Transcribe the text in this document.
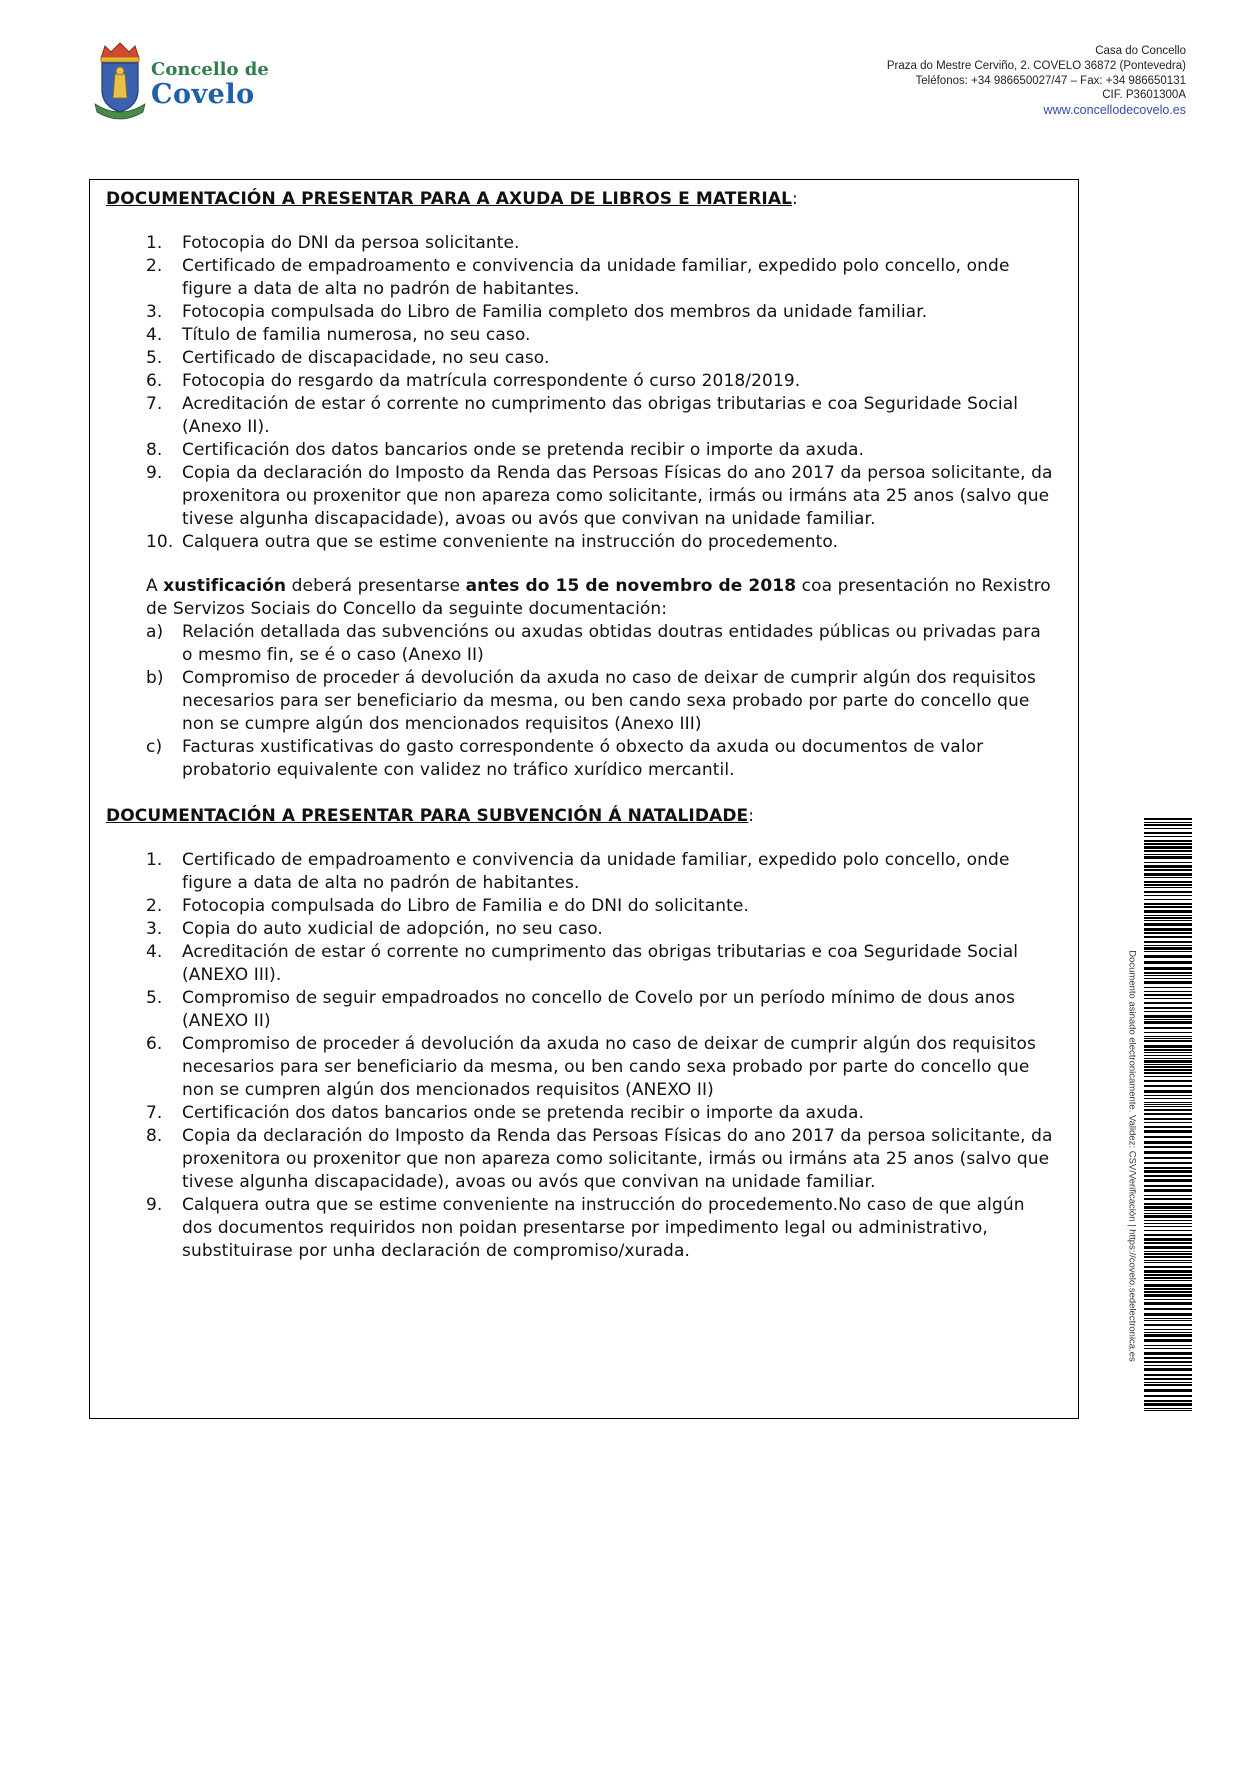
Concello de
Covelo
Casa do Concello
Praza do Mestre Cerviño, 2. COVELO 36872 (Pontevedra)
Teléfonos: +34 986650027/47 – Fax: +34 986650131
CIF. P3601300A
www.concellodecovelo.es

DOCUMENTACIÓN A PRESENTAR PARA A AXUDA DE LIBROS E MATERIAL:

1.	Fotocopia do DNI da persoa solicitante.
2.	Certificado de empadroamento e convivencia da unidade familiar, expedido polo concello, onde figure a data de alta no padrón de habitantes.
3.	Fotocopia compulsada do Libro de Familia completo dos membros da unidade familiar.
4.	Título de familia numerosa, no seu caso.
5.	Certificado de discapacidade, no seu caso.
6.	Fotocopia do resgardo da matrícula correspondente ó curso 2018/2019.
7.	Acreditación de estar ó corrente no cumprimento das obrigas tributarias e coa Seguridade Social (Anexo II).
8.	Certificación dos datos bancarios onde se pretenda recibir o importe da axuda.
9.	Copia da declaración do Imposto da Renda das Persoas Físicas do ano 2017 da persoa solicitante, da proxenitora ou proxenitor que non apareza como solicitante, irmás ou irmáns ata 25 anos (salvo que tivese algunha discapacidade), avoas ou avós que convivan na unidade familiar.
10. Calquera outra que se estime conveniente na instrucción do procedemento.
A xustificación deberá presentarse antes do 15 de novembro de 2018 coa presentación no Rexistro de Servizos Sociais do Concello da seguinte documentación:
a) Relación detallada das subvencións ou axudas obtidas doutras entidades públicas ou privadas para o mesmo fin, se é o caso (Anexo II)
b) Compromiso de proceder á devolución da axuda no caso de deixar de cumprir algún dos requisitos necesarios para ser beneficiario da mesma, ou ben cando sexa probado por parte do concello que non se cumpre algún dos mencionados requisitos (Anexo III)
c) Facturas xustificativas do gasto correspondente ó obxecto da axuda ou documentos de valor probatorio equivalente con validez no tráfico xurídico mercantil.

DOCUMENTACIÓN A PRESENTAR PARA SUBVENCIÓN Á NATALIDADE:

1.	Certificado de empadroamento e convivencia da unidade familiar, expedido polo concello, onde figure a data de alta no padrón de habitantes.
2.	Fotocopia compulsada do Libro de Familia e do DNI do solicitante.
3.	Copia do auto xudicial de adopción, no seu caso.
4.	Acreditación de estar ó corrente no cumprimento das obrigas tributarias e coa Seguridade Social (ANEXO III).
5.	Compromiso de seguir empadroados no concello de Covelo por un período mínimo de dous anos (ANEXO II)
6.	Compromiso de proceder á devolución da axuda no caso de deixar de cumprir algún dos requisitos necesarios para ser beneficiario da mesma, ou ben cando sexa probado por parte do concello que non se cumpren algún dos mencionados requisitos (ANEXO II)
7.	Certificación dos datos bancarios onde se pretenda recibir o importe da axuda.
8.	Copia da declaración do Imposto da Renda das Persoas Físicas do ano 2017 da persoa solicitante, da proxenitora ou proxenitor que non apareza como solicitante, irmás ou irmáns ata 25 anos (salvo que tivese algunha discapacidade), avoas ou avós que convivan na unidade familiar.
9.	Calquera outra que se estime conveniente na instrucción do procedemento.No caso de que algún dos documentos requiridos non poidan presentarse por impedimento legal ou administrativo, substituirase por unha declaración de compromiso/xurada.	Documento asinado electronicamente. Validez: CSV/Verificación | https://covelo.sedelectronica.es
